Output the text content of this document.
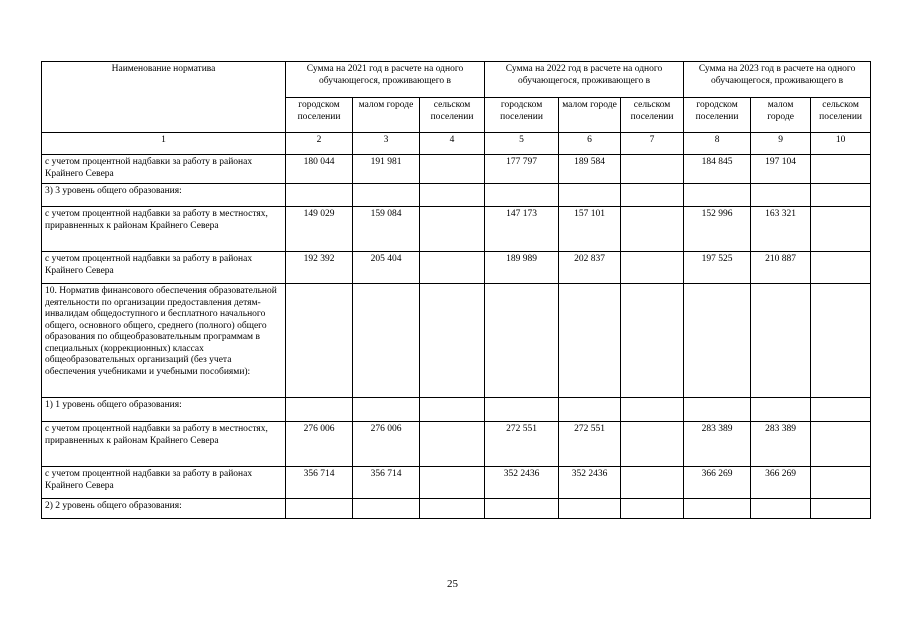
Наименование норматива	Сумма на 2021 год в расчете на одного обучающегося, проживающего в			Сумма на 2022 год в расчете на одного обучающегося, проживающего в			Сумма на 2023 год в расчете на одного обучающегося, проживающего в		
	городском поселении	малом городе	сельском поселении	городском поселении	малом городе	сельском поселении	городском поселении	малом городе	сельском поселении
1	2	3	4	5	6	7	8	9	10
с учетом процентной надбавки за работу в районах Крайнего Севера	180 044	191 981		177 797	189 584		184 845	197 104	
3) 3 уровень общего образования:									
с учетом процентной надбавки за работу в местностях, приравненных к районам Крайнего Севера	149 029	159 084		147 173	157 101		152 996	163 321	
с учетом процентной надбавки за работу в районах Крайнего Севера	192 392	205 404		189 989	202 837		197 525	210 887	
10. Норматив финансового обеспечения образовательной деятельности по организации предоставления детям-инвалидам общедоступного и бесплатного начального общего, основного общего, среднего (полного) общего образования по общеобразовательным программам в специальных (коррекционных) классах общеобразовательных организаций (без учета обеспечения учебниками и учебными пособиями):									
1) 1 уровень общего образования:									
с учетом процентной надбавки за работу в местностях, приравненных к районам Крайнего Севера	276 006	276 006		272 551	272 551		283 389	283 389	
с учетом процентной надбавки за работу в районах Крайнего Севера	356 714	356 714		352 2436	352 2436		366 269	366 269	
2) 2 уровень общего образования:									
25
